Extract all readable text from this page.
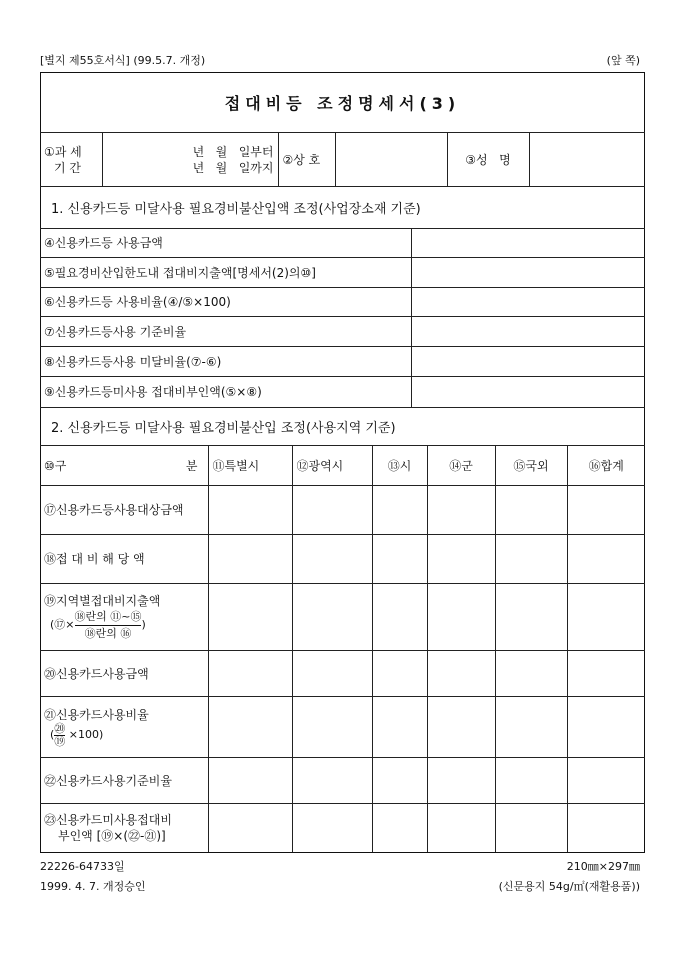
[별지 제55호서식] (99.5.7. 개정)	(앞 쪽)
접대비등 조정명세서(3)
①과 세
기 간

년   월   일부터
년   월   일까지
	②상 호		③성   명	
1. 신용카드등 미달사용 필요경비불산입액 조정(사업장소재 기준)
④신용카드등 사용금액	
⑤필요경비산입한도내 접대비지출액[명세서(2)의⑩]	
⑥신용카드등 사용비율(④/⑤×100)	
⑦신용카드등사용 기준비율	
⑧신용카드등사용 미달비율(⑦-⑥)	
⑨신용카드등미사용 접대비부인액(⑤×⑧)	
2. 신용카드등 미달사용 필요경비불산입 조정(사용지역 기준)
⑩구 분	⑪특별시	⑫광역시	⑬시	⑭군	⑮국외	⑯합계
⑰신용카드등사용대상금액						
⑱접 대 비 해 당 액						

⑲지역별접대비지출액
(⑰×
⑱란의 ⑪~⑮
⑱란의 ⑯
)						

⑳신용카드사용금액						

㉑신용카드사용비율
( ⑳
⑲ ×100)						

㉒신용카드사용기준비율						

㉓신용카드미사용접대비
부인액 [⑲×(㉒-㉑)]						

22226-64733일
1999. 4. 7. 개정승인
210㎜×297㎜
(신문용지 54g/㎡(재활용품))
